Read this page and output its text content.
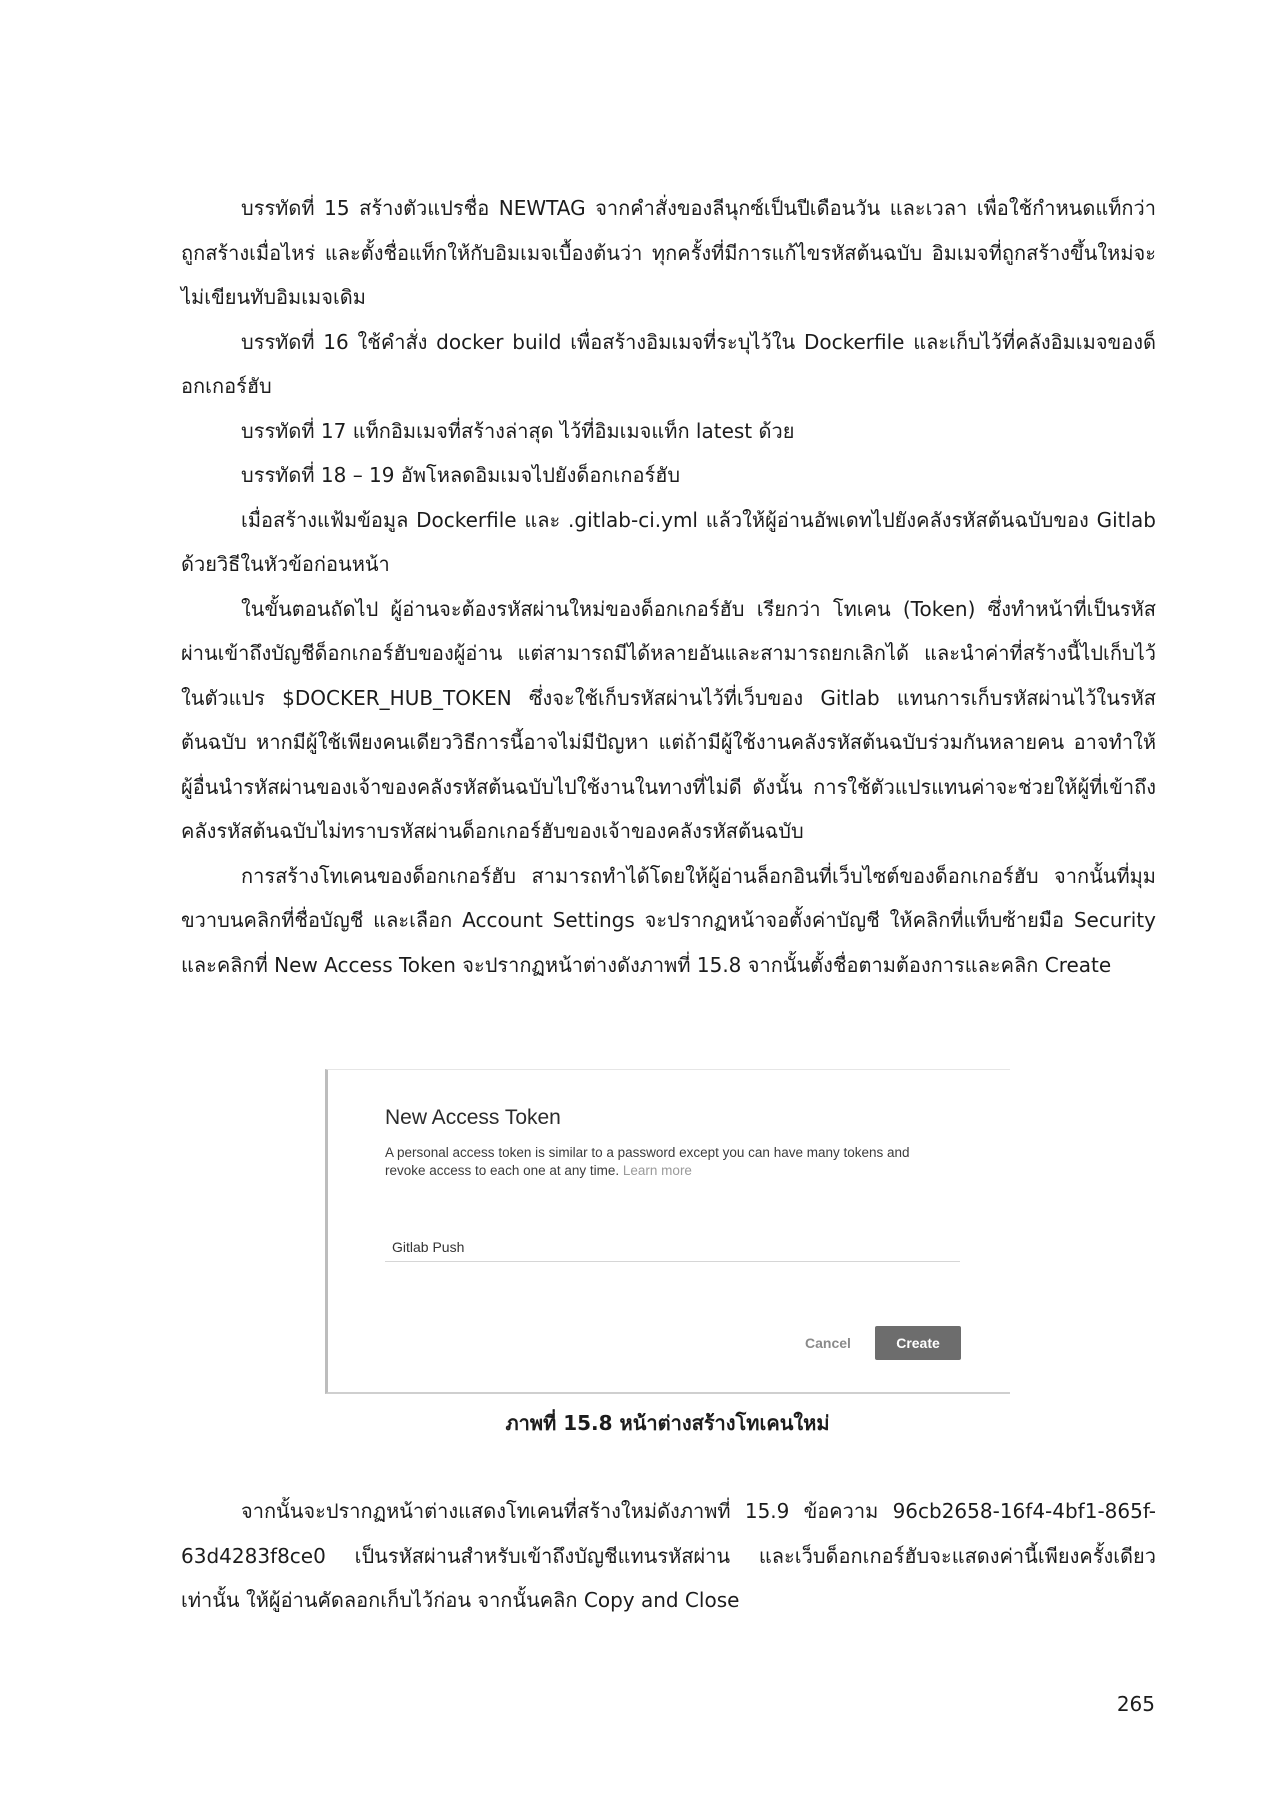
บรรทัดที่ 15 สร้างตัวแปรชื่อ NEWTAG จากคำสั่งของลีนุกซ์เป็นปีเดือนวัน และเวลา เพื่อใช้กำหนดแท็กว่าถูกสร้างเมื่อไหร่ และตั้งชื่อแท็กให้กับอิมเมจเบื้องต้นว่า ทุกครั้งที่มีการแก้ไขรหัสต้นฉบับ อิมเมจที่ถูกสร้างขึ้นใหม่จะไม่เขียนทับอิมเมจเดิม

บรรทัดที่ 16 ใช้คำสั่ง docker build เพื่อสร้างอิมเมจที่ระบุไว้ใน Dockerfile และเก็บไว้ที่คลังอิมเมจของด็อกเกอร์ฮับ

บรรทัดที่ 17 แท็กอิมเมจที่สร้างล่าสุด ไว้ที่อิมเมจแท็ก latest ด้วย

บรรทัดที่ 18 – 19 อัพโหลดอิมเมจไปยังด็อกเกอร์ฮับ

เมื่อสร้างแฟ้มข้อมูล Dockerfile และ .gitlab-ci.yml แล้วให้ผู้อ่านอัพเดทไปยังคลังรหัสต้นฉบับของ Gitlab ด้วยวิธีในหัวข้อก่อนหน้า

ในขั้นตอนถัดไป ผู้อ่านจะต้องรหัสผ่านใหม่ของด็อกเกอร์ฮับ เรียกว่า โทเคน (Token) ซึ่งทำหน้าที่เป็นรหัสผ่านเข้าถึงบัญชีด็อกเกอร์ฮับของผู้อ่าน แต่สามารถมีได้หลายอันและสามารถยกเลิกได้ และนำค่าที่สร้างนี้ไปเก็บไว้ในตัวแปร $DOCKER_HUB_TOKEN ซึ่งจะใช้เก็บรหัสผ่านไว้ที่เว็บของ Gitlab แทนการเก็บรหัสผ่านไว้ในรหัสต้นฉบับ หากมีผู้ใช้เพียงคนเดียววิธีการนี้อาจไม่มีปัญหา แต่ถ้ามีผู้ใช้งานคลังรหัสต้นฉบับร่วมกันหลายคน อาจทำให้ผู้อื่นนำรหัสผ่านของเจ้าของคลังรหัสต้นฉบับไปใช้งานในทางที่ไม่ดี ดังนั้น การใช้ตัวแปรแทนค่าจะช่วยให้ผู้ที่เข้าถึงคลังรหัสต้นฉบับไม่ทราบรหัสผ่านด็อกเกอร์ฮับของเจ้าของคลังรหัสต้นฉบับ

การสร้างโทเคนของด็อกเกอร์ฮับ สามารถทำได้โดยให้ผู้อ่านล็อกอินที่เว็บไซต์ของด็อกเกอร์ฮับ จากนั้นที่มุมขวาบนคลิกที่ชื่อบัญชี และเลือก Account Settings จะปรากฏหน้าจอตั้งค่าบัญชี ให้คลิกที่แท็บซ้ายมือ Security และคลิกที่ New Access Token จะปรากฏหน้าต่างดังภาพที่ 15.8 จากนั้นตั้งชื่อตามต้องการและคลิก Create

New Access Token
A personal access token is similar to a password except you can have many tokens and revoke access to each one at any time. Learn more
Gitlab Push
Cancel	Create
ภาพที่ 15.8 หน้าต่างสร้างโทเคนใหม่

จากนั้นจะปรากฏหน้าต่างแสดงโทเคนที่สร้างใหม่ดังภาพที่ 15.9 ข้อความ 96cb2658-16f4-4bf1-865f-63d4283f8ce0 เป็นรหัสผ่านสำหรับเข้าถึงบัญชีแทนรหัสผ่าน และเว็บด็อกเกอร์ฮับจะแสดงค่านี้เพียงครั้งเดียวเท่านั้น ให้ผู้อ่านคัดลอกเก็บไว้ก่อน จากนั้นคลิก Copy and Close

265
